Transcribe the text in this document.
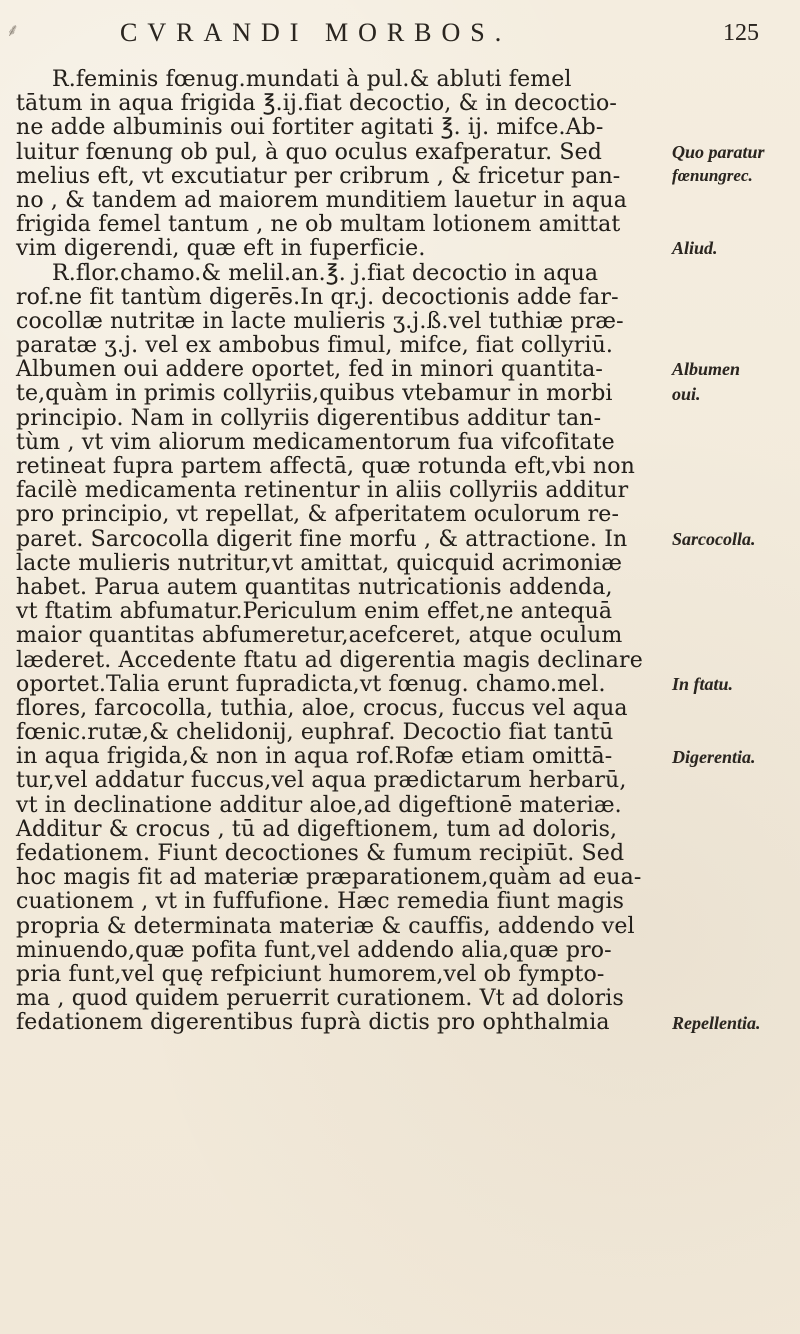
⸙	CVRANDI MORBOS.	125
R.feminis fœnug.mundati à pul.& abluti femel
tātum in aqua frigida ℥.ij.fiat decoctio, & in decoctio-
ne adde albuminis oui fortiter agitati ℥. ij. mifce.Ab-
luitur fœnung ob pul, à quo oculus exafperatur. Sed
melius eft, vt excutiatur per cribrum , & fricetur pan-
no , & tandem ad maiorem munditiem lauetur in aqua
frigida femel tantum , ne ob multam lotionem amittat
vim digerendi, quæ eft in fuperficie.
R.flor.chamo.& melil.an.℥. j.fiat decoctio in aqua
rof.ne fit tantùm digerēs.In qr.j. decoctionis adde far-
cocollæ nutritæ in lacte mulieris ʒ.j.ß.vel tuthiæ præ-
paratæ ʒ.j. vel ex ambobus fimul, mifce, fiat collyriū.
Albumen oui addere oportet, fed in minori quantita-
te,quàm in primis collyriis,quibus vtebamur in morbi
principio. Nam in collyriis digerentibus additur tan-
tùm , vt vim aliorum medicamentorum fua vifcofitate
retineat fupra partem affectā, quæ rotunda eft,vbi non
facilè medicamenta retinentur in aliis collyriis additur
pro principio, vt repellat, & afperitatem oculorum re-
paret. Sarcocolla digerit fine morfu , & attractione. In
lacte mulieris nutritur,vt amittat, quicquid acrimoniæ
habet. Parua autem quantitas nutricationis addenda,
vt ftatim abfumatur.Periculum enim effet,ne antequā
maior quantitas abfumeretur,acefceret, atque oculum
læderet. Accedente ftatu ad digerentia magis declinare
oportet.Talia erunt fupradicta,vt fœnug. chamo.mel.
flores, farcocolla, tuthia, aloe, crocus, fuccus vel aqua
fœnic.rutæ,& chelidonij, euphraf. Decoctio fiat tantū
in aqua frigida,& non in aqua rof.Rofæ etiam omittā-
tur,vel addatur fuccus,vel aqua prædictarum herbarū,
vt in declinatione additur aloe,ad digeftionē materiæ.
Additur & crocus , tū ad digeftionem, tum ad doloris,
fedationem. Fiunt decoctiones & fumum recipiūt. Sed
hoc magis fit ad materiæ præparationem,quàm ad eua-
cuationem , vt in fuffufione. Hæc remedia fiunt magis
propria & determinata materiæ & cauffis, addendo vel
minuendo,quæ pofita funt,vel addendo alia,quæ pro-
pria funt,vel quę refpiciunt humorem,vel ob fympto-
ma , quod quidem peruerrit curationem. Vt ad doloris
fedationem digerentibus fuprà dictis pro ophthalmia
Quo paratur
fœnungrec.
Aliud.
Albumen
oui.
Sarcocolla.
In ftatu.
Digerentia.
Repellentia.
